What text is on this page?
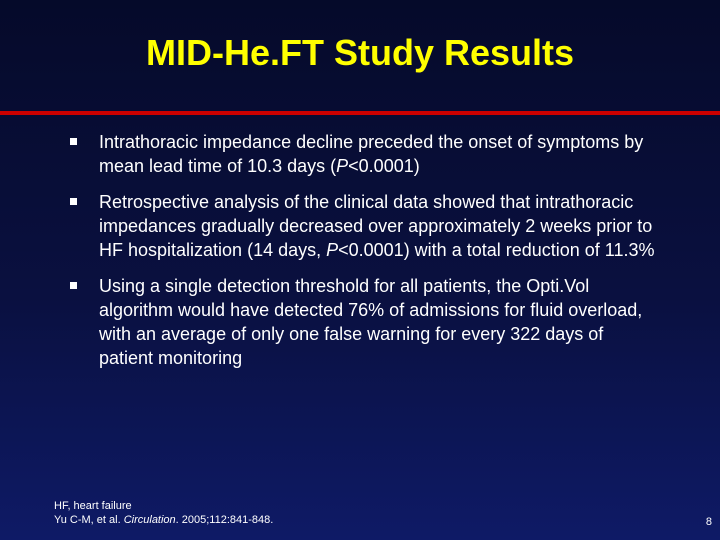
MID-He.FT Study Results
Intrathoracic impedance decline preceded the onset of symptoms by mean lead time of 10.3 days (P<0.0001)
Retrospective analysis of the clinical data showed that intrathoracic impedances gradually decreased over approximately 2 weeks prior to HF hospitalization (14 days, P<0.0001) with a total reduction of 11.3%
Using a single detection threshold for all patients, the Opti.Vol algorithm would have detected 76% of admissions for fluid overload, with an average of only one false warning for every 322 days of patient monitoring
HF, heart failure
Yu C-M, et al. Circulation. 2005;112:841-848.	8
